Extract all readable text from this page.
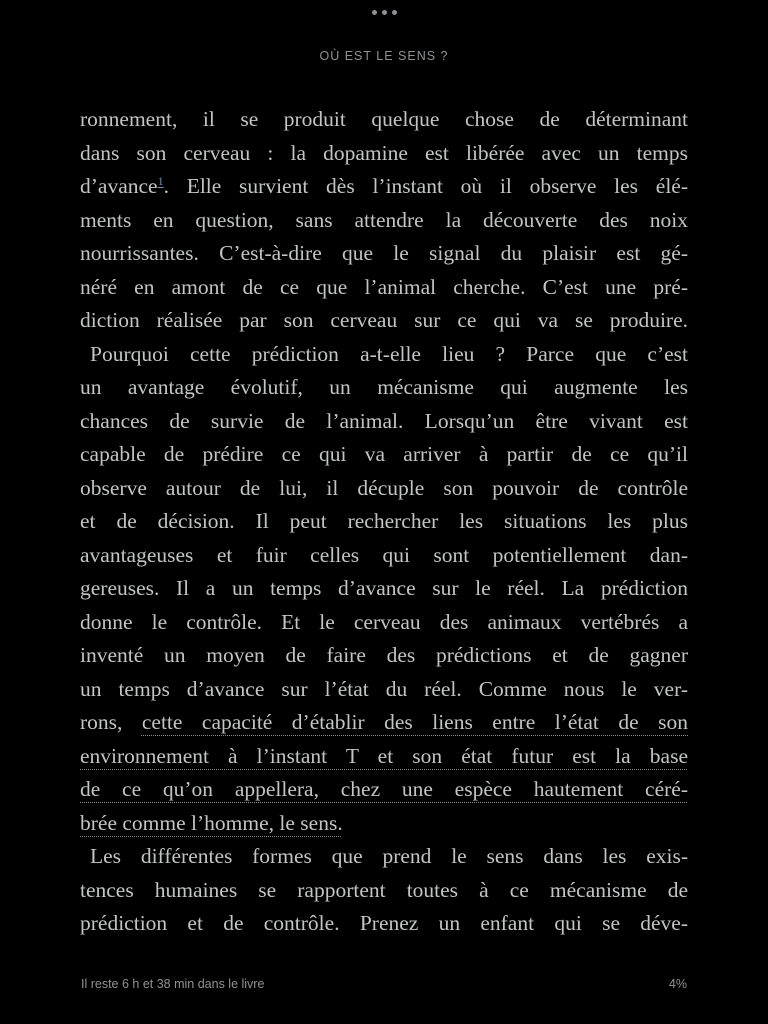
OÙ EST LE SENS ?
ronnement, il se produit quelque chose de déterminant
dans son cerveau : la dopamine est libérée avec un temps
d’avance$^1$. Elle survient dès l’instant où il observe les élé-
ments en question, sans attendre la découverte des noix
nourrissantes. C’est-à-dire que le signal du plaisir est gé-
néré en amont de ce que l’animal cherche. C’est une pré-
diction réalisée par son cerveau sur ce qui va se produire.
Pourquoi cette prédiction a-t-elle lieu ? Parce que c’est
un avantage évolutif, un mécanisme qui augmente les
chances de survie de l’animal. Lorsqu’un être vivant est
capable de prédire ce qui va arriver à partir de ce qu’il
observe autour de lui, il décuple son pouvoir de contrôle
et de décision. Il peut rechercher les situations les plus
avantageuses et fuir celles qui sont potentiellement dan-
gereuses. Il a un temps d’avance sur le réel. La prédiction
donne le contrôle. Et le cerveau des animaux vertébrés a
inventé un moyen de faire des prédictions et de gagner
un temps d’avance sur l’état du réel. Comme nous le ver-
rons, cette capacité d’établir des liens entre l’état de son
environnement à l’instant T et son état futur est la base
de ce qu’on appellera, chez une espèce hautement céré-
brée comme l’homme, le sens.
Les différentes formes que prend le sens dans les exis-
tences humaines se rapportent toutes à ce mécanisme de
prédiction et de contrôle. Prenez un enfant qui se déve-
Il reste 6 h et 38 min dans le livre	4%
